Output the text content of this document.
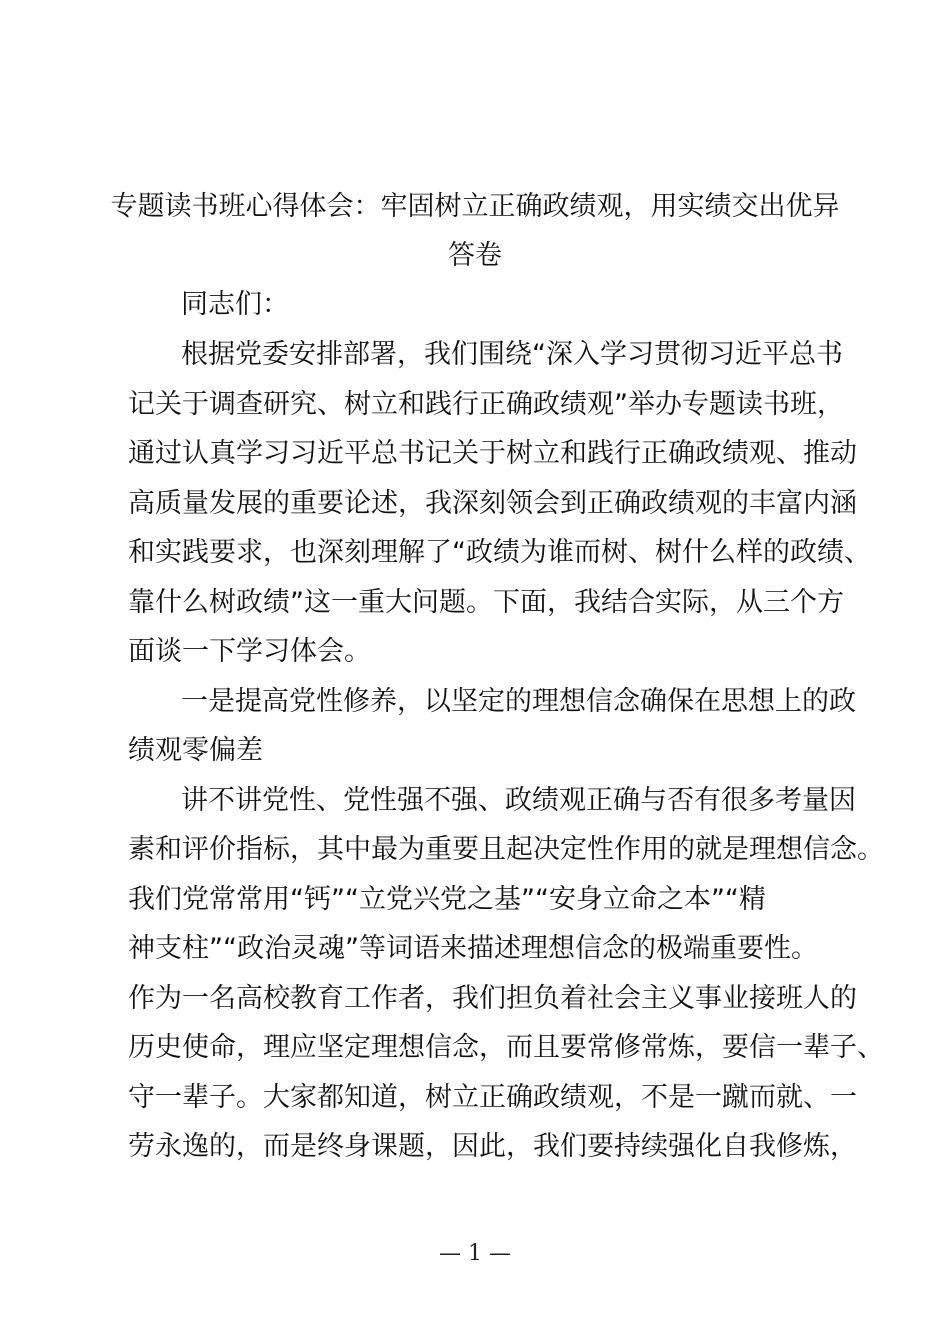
专题读书班心得体会：牢固树立正确政绩观，用实绩交出优异
答卷
同志们：
根据党委安排部署，我们围绕“深入学习贯彻习近平总书
记关于调查研究、树立和践行正确政绩观”举办专题读书班，
通过认真学习习近平总书记关于树立和践行正确政绩观、推动
高质量发展的重要论述，我深刻领会到正确政绩观的丰富内涵
和实践要求，也深刻理解了“政绩为谁而树、树什么样的政绩、
靠什么树政绩”这一重大问题。下面，我结合实际，从三个方
面谈一下学习体会。
一是提高党性修养，以坚定的理想信念确保在思想上的政
绩观零偏差
讲不讲党性、党性强不强、政绩观正确与否有很多考量因
素和评价指标，其中最为重要且起决定性作用的就是理想信念。
我们党常常用“钙”“立党兴党之基”“安身立命之本”“精
神支柱”“政治灵魂”等词语来描述理想信念的极端重要性。
作为一名高校教育工作者，我们担负着社会主义事业接班人的
历史使命，理应坚定理想信念，而且要常修常炼，要信一辈子、
守一辈子。大家都知道，树立正确政绩观，不是一蹴而就、一
劳永逸的，而是终身课题，因此，我们要持续强化自我修炼，
— 1 —
